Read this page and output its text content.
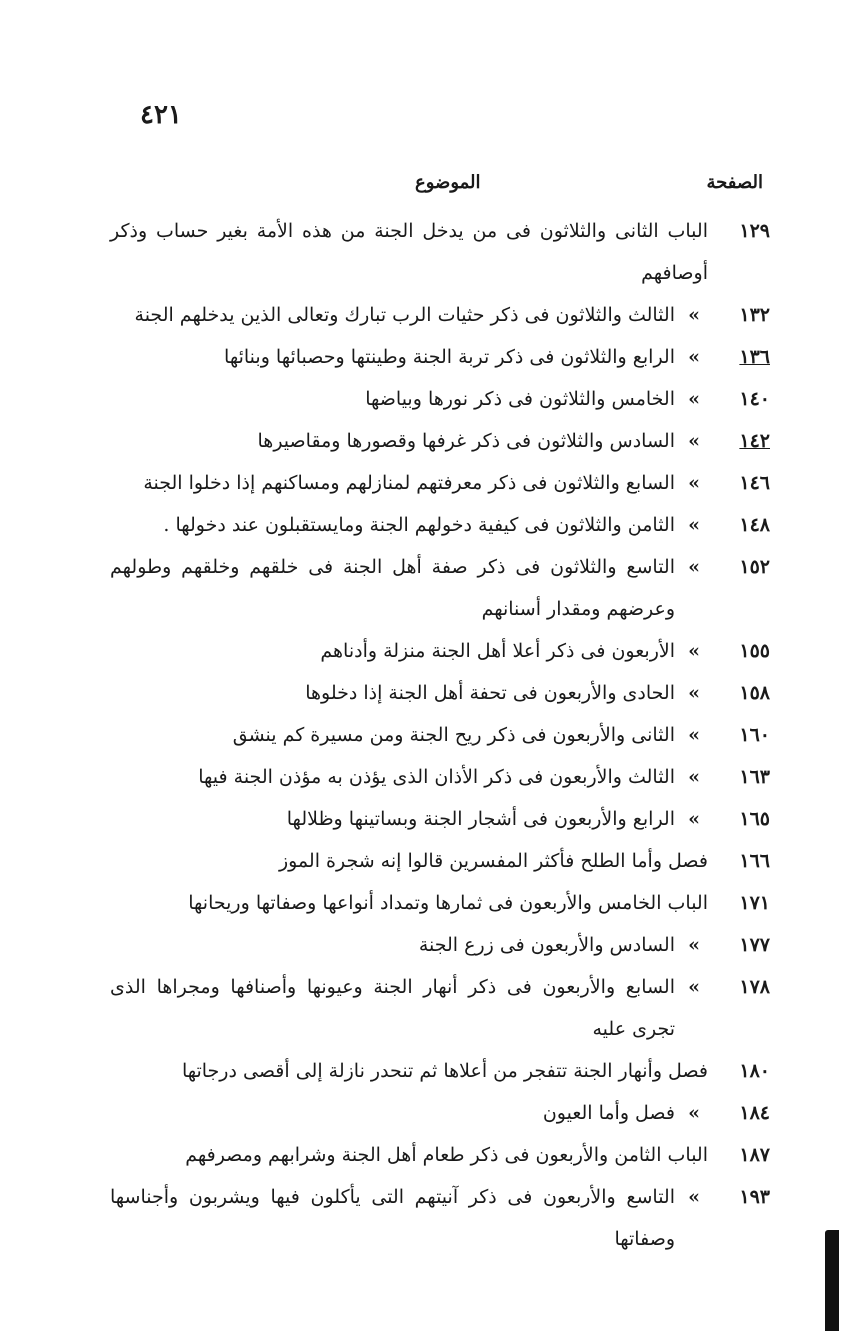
٤٢١
الصفحة
الموضوع
١٢٩
الباب الثانى والثلاثون فى من يدخل الجنة من هذه الأمة بغير حساب وذكر أوصافهم
١٣٢
»
الثالث والثلاثون فى ذكر حثيات الرب تبارك وتعالى الذين يدخلهم الجنة
١٣٦
»
الرابع والثلاثون فى ذكر تربة الجنة وطينتها وحصبائها وبنائها
١٤٠
»
الخامس والثلاثون فى ذكر نورها وبياضها
١٤٢
»
السادس والثلاثون فى ذكر غرفها وقصورها ومقاصيرها
١٤٦
»
السابع والثلاثون فى ذكر معرفتهم لمنازلهم ومساكنهم إذا دخلوا الجنة
١٤٨
»
الثامن والثلاثون فى كيفية دخولهم الجنة ومايستقبلون عند دخولها .
١٥٢
»
التاسع والثلاثون فى ذكر صفة أهل الجنة فى خلقهم وخلقهم وطولهم وعرضهم ومقدار أسنانهم
١٥٥
»
الأربعون فى ذكر أعلا أهل الجنة منزلة وأدناهم
١٥٨
»
الحادى والأربعون فى تحفة أهل الجنة إذا دخلوها
١٦٠
»
الثانى والأربعون فى ذكر ريح الجنة ومن مسيرة كم ينشق
١٦٣
»
الثالث والأربعون فى ذكر الأذان الذى يؤذن به مؤذن الجنة فيها
١٦٥
»
الرابع والأربعون فى أشجار الجنة وبساتينها وظلالها
١٦٦
فصل وأما الطلح فأكثر المفسرين قالوا إنه شجرة الموز
١٧١
الباب الخامس والأربعون فى ثمارها وتمداد أنواعها وصفاتها وريحانها
١٧٧
»
السادس والأربعون فى زرع الجنة
١٧٨
»
السابع والأربعون فى ذكر أنهار الجنة وعيونها وأصنافها ومجراها الذى تجرى عليه
١٨٠
فصل وأنهار الجنة تتفجر من أعلاها ثم تنحدر نازلة إلى أقصى درجاتها
١٨٤
»
فصل وأما العيون
١٨٧
الباب الثامن والأربعون فى ذكر طعام أهل الجنة وشرابهم ومصرفهم
١٩٣
»
التاسع والأربعون فى ذكر آنيتهم التى يأكلون فيها ويشربون وأجناسها وصفاتها
